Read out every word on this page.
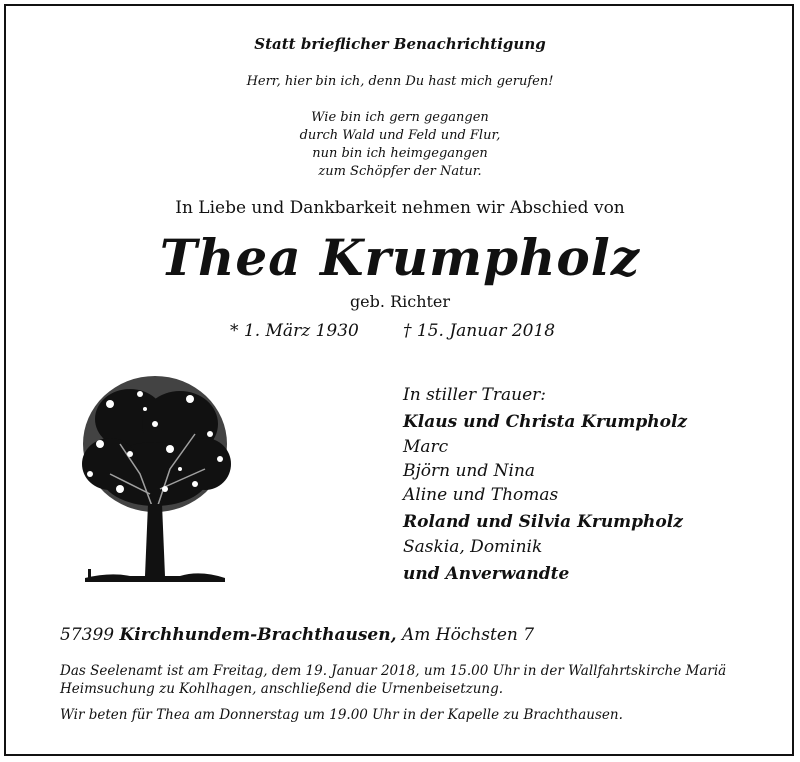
Statt brieflicher Benachrichtigung
Herr, hier bin ich, denn Du hast mich gerufen!
Wie bin ich gern gegangen
durch Wald und Feld und Flur,
nun bin ich heimgegangen
zum Schöpfer der Natur.
In Liebe und Dankbarkeit nehmen wir Abschied von
Thea Krumpholz
geb. Richter
* 1. März 1930	† 15. Januar 2018
In stiller Trauer:
Klaus und Christa Krumpholz
Marc
Björn und Nina
Aline und Thomas
Roland und Silvia Krumpholz
Saskia, Dominik
und Anverwandte
57399 Kirchhundem-Brachthausen, Am Höchsten 7
Das Seelenamt ist am Freitag, dem 19. Januar 2018, um 15.00 Uhr in der Wallfahrtskirche Mariä Heimsuchung zu Kohlhagen, anschließend die Urnenbeisetzung.
Wir beten für Thea am Donnerstag um 19.00 Uhr in der Kapelle zu Brachthausen.
